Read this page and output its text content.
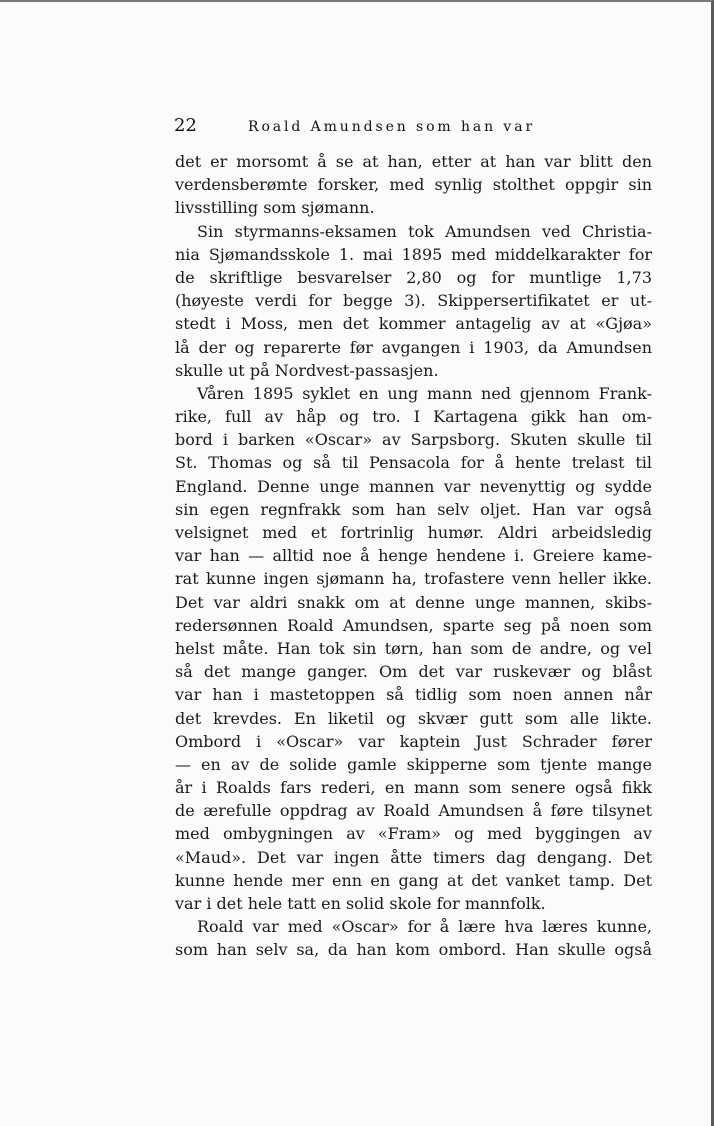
22	Roald Amundsen som han var
det er morsomt å se at han, etter at han var blitt den
verdensberømte forsker, med synlig stolthet oppgir sin
livsstilling som sjømann.
Sin styrmanns-eksamen tok Amundsen ved Christia-
nia Sjømandsskole 1. mai 1895 med middelkarakter for
de skriftlige besvarelser 2,80 og for muntlige 1,73
(høyeste verdi for begge 3). Skippersertifikatet er ut-
stedt i Moss, men det kommer antagelig av at «Gjøa»
lå der og reparerte før avgangen i 1903, da Amundsen
skulle ut på Nordvest-passasjen.
Våren 1895 syklet en ung mann ned gjennom Frank-
rike, full av håp og tro. I Kartagena gikk han om-
bord i barken «Oscar» av Sarpsborg. Skuten skulle til
St. Thomas og så til Pensacola for å hente trelast til
England. Denne unge mannen var nevenyttig og sydde
sin egen regnfrakk som han selv oljet. Han var også
velsignet med et fortrinlig humør. Aldri arbeidsledig
var han — alltid noe å henge hendene i. Greiere kame-
rat kunne ingen sjømann ha, trofastere venn heller ikke.
Det var aldri snakk om at denne unge mannen, skibs-
redersønnen Roald Amundsen, sparte seg på noen som
helst måte. Han tok sin tørn, han som de andre, og vel
så det mange ganger. Om det var ruskevær og blåst
var han i mastetoppen så tidlig som noen annen når
det krevdes. En liketil og skvær gutt som alle likte.
Ombord i «Oscar» var kaptein Just Schrader fører
— en av de solide gamle skipperne som tjente mange
år i Roalds fars rederi, en mann som senere også fikk
de ærefulle oppdrag av Roald Amundsen å føre tilsynet
med ombygningen av «Fram» og med byggingen av
«Maud». Det var ingen åtte timers dag dengang. Det
kunne hende mer enn en gang at det vanket tamp. Det
var i det hele tatt en solid skole for mannfolk.
Roald var med «Oscar» for å lære hva læres kunne,
som han selv sa, da han kom ombord. Han skulle også
